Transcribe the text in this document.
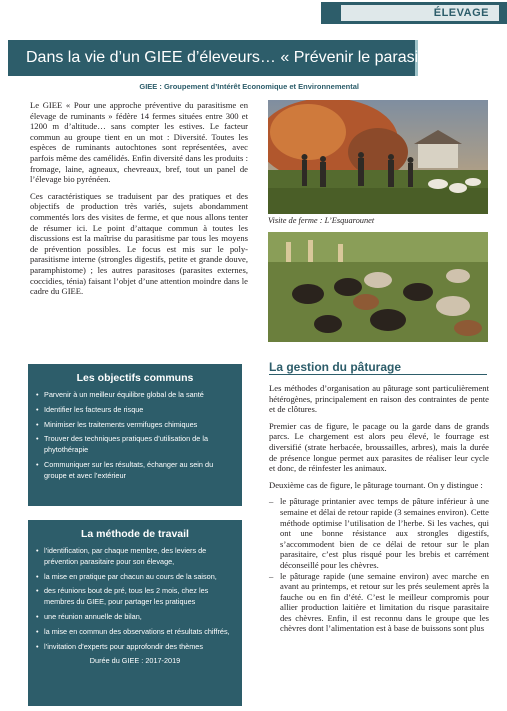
ÉLEVAGE
Dans la vie d’un GIEE d’éleveurs… « Prévenir le parasitisme »
GIEE : Groupement d’Intérêt Economique et Environnemental

Le GIEE « Pour une approche préventive du parasitisme en élevage de ruminants » fédère 14 fermes situées entre 300 et 1200 m d’altitude… sans compter les estives. Le facteur commun au groupe tient en un mot : Diversité. Toutes les espèces de ruminants autochtones sont représentées, avec parfois même des camélidés. Enfin diversité dans les produits : fromage, laine, agneaux, chevreaux, bref, tout un panel de l’élevage bio pyrénéen.

Ces caractéristiques se traduisent par des pratiques et des objectifs de production très variés, sujets abondamment commentés lors des visites de ferme, et que nous allons tenter de résumer ici. Le point d’attaque commun à toutes les discussions est la maîtrise du parasitisme par tous les moyens de prévention possibles. Le focus est mis sur le poly-parasitisme interne (strongles digestifs, petite et grande douve, paramphistome) ; les autres parasitoses (parasites externes, coccidies, ténia) faisant l’objet d’une attention moindre dans le cadre du GIEE.

Visite de ferme : L’Esquarounet
Les objectifs communs
• Parvenir à un meilleur équilibre global de la santé
• Identifier les facteurs de risque
• Minimiser les traitements vermifuges chimiques
• Trouver des techniques pratiques d’utilisation de la phytothérapie
• Communiquer sur les résultats, échanger au sein du groupe et avec l’extérieur
La méthode de travail
• l’identification, par chaque membre, des leviers de prévention parasitaire pour son élevage,
• la mise en pratique par chacun au cours de la saison,
• des réunions bout de pré, tous les 2 mois, chez les membres du GIEE, pour partager les pratiques
• une réunion annuelle de bilan,
• la mise en commun des observations et résultats chiffrés,
• l’invitation d’experts pour approfondir des thèmes
Durée du GIEE : 2017-2019
La gestion du pâturage

Les méthodes d’organisation au pâturage sont particulièrement hétérogènes, principalement en raison des contraintes de pente et de clôtures.

Premier cas de figure, le pacage ou la garde dans de grands parcs. Le chargement est alors peu élevé, le fourrage est diversifié (strate herbacée, broussailles, arbres), mais la durée de présence longue permet aux parasites de réaliser leur cycle et donc, de réinfester les animaux.

Deuxième cas de figure, le pâturage tournant. On y distingue :

– le pâturage printanier avec temps de pâture inférieur à une semaine et délai de retour rapide (3 semaines environ). Cette méthode optimise l’utilisation de l’herbe. Si les vaches, qui ont une bonne résistance aux strongles digestifs, s’accommodent bien de ce délai de retour sur le plan parasitaire, c’est plus risqué pour les brebis et carrément déconseillé pour les chèvres.
– le pâturage rapide (une semaine environ) avec marche en avant au printemps, et retour sur les prés seulement après la fauche ou en fin d’été. C’est le meilleur compromis pour allier production laitière et limitation du risque parasitaire des chèvres. Enfin, il est reconnu dans le groupe que les chèvres dont l’alimentation est à base de buissons sont plus
